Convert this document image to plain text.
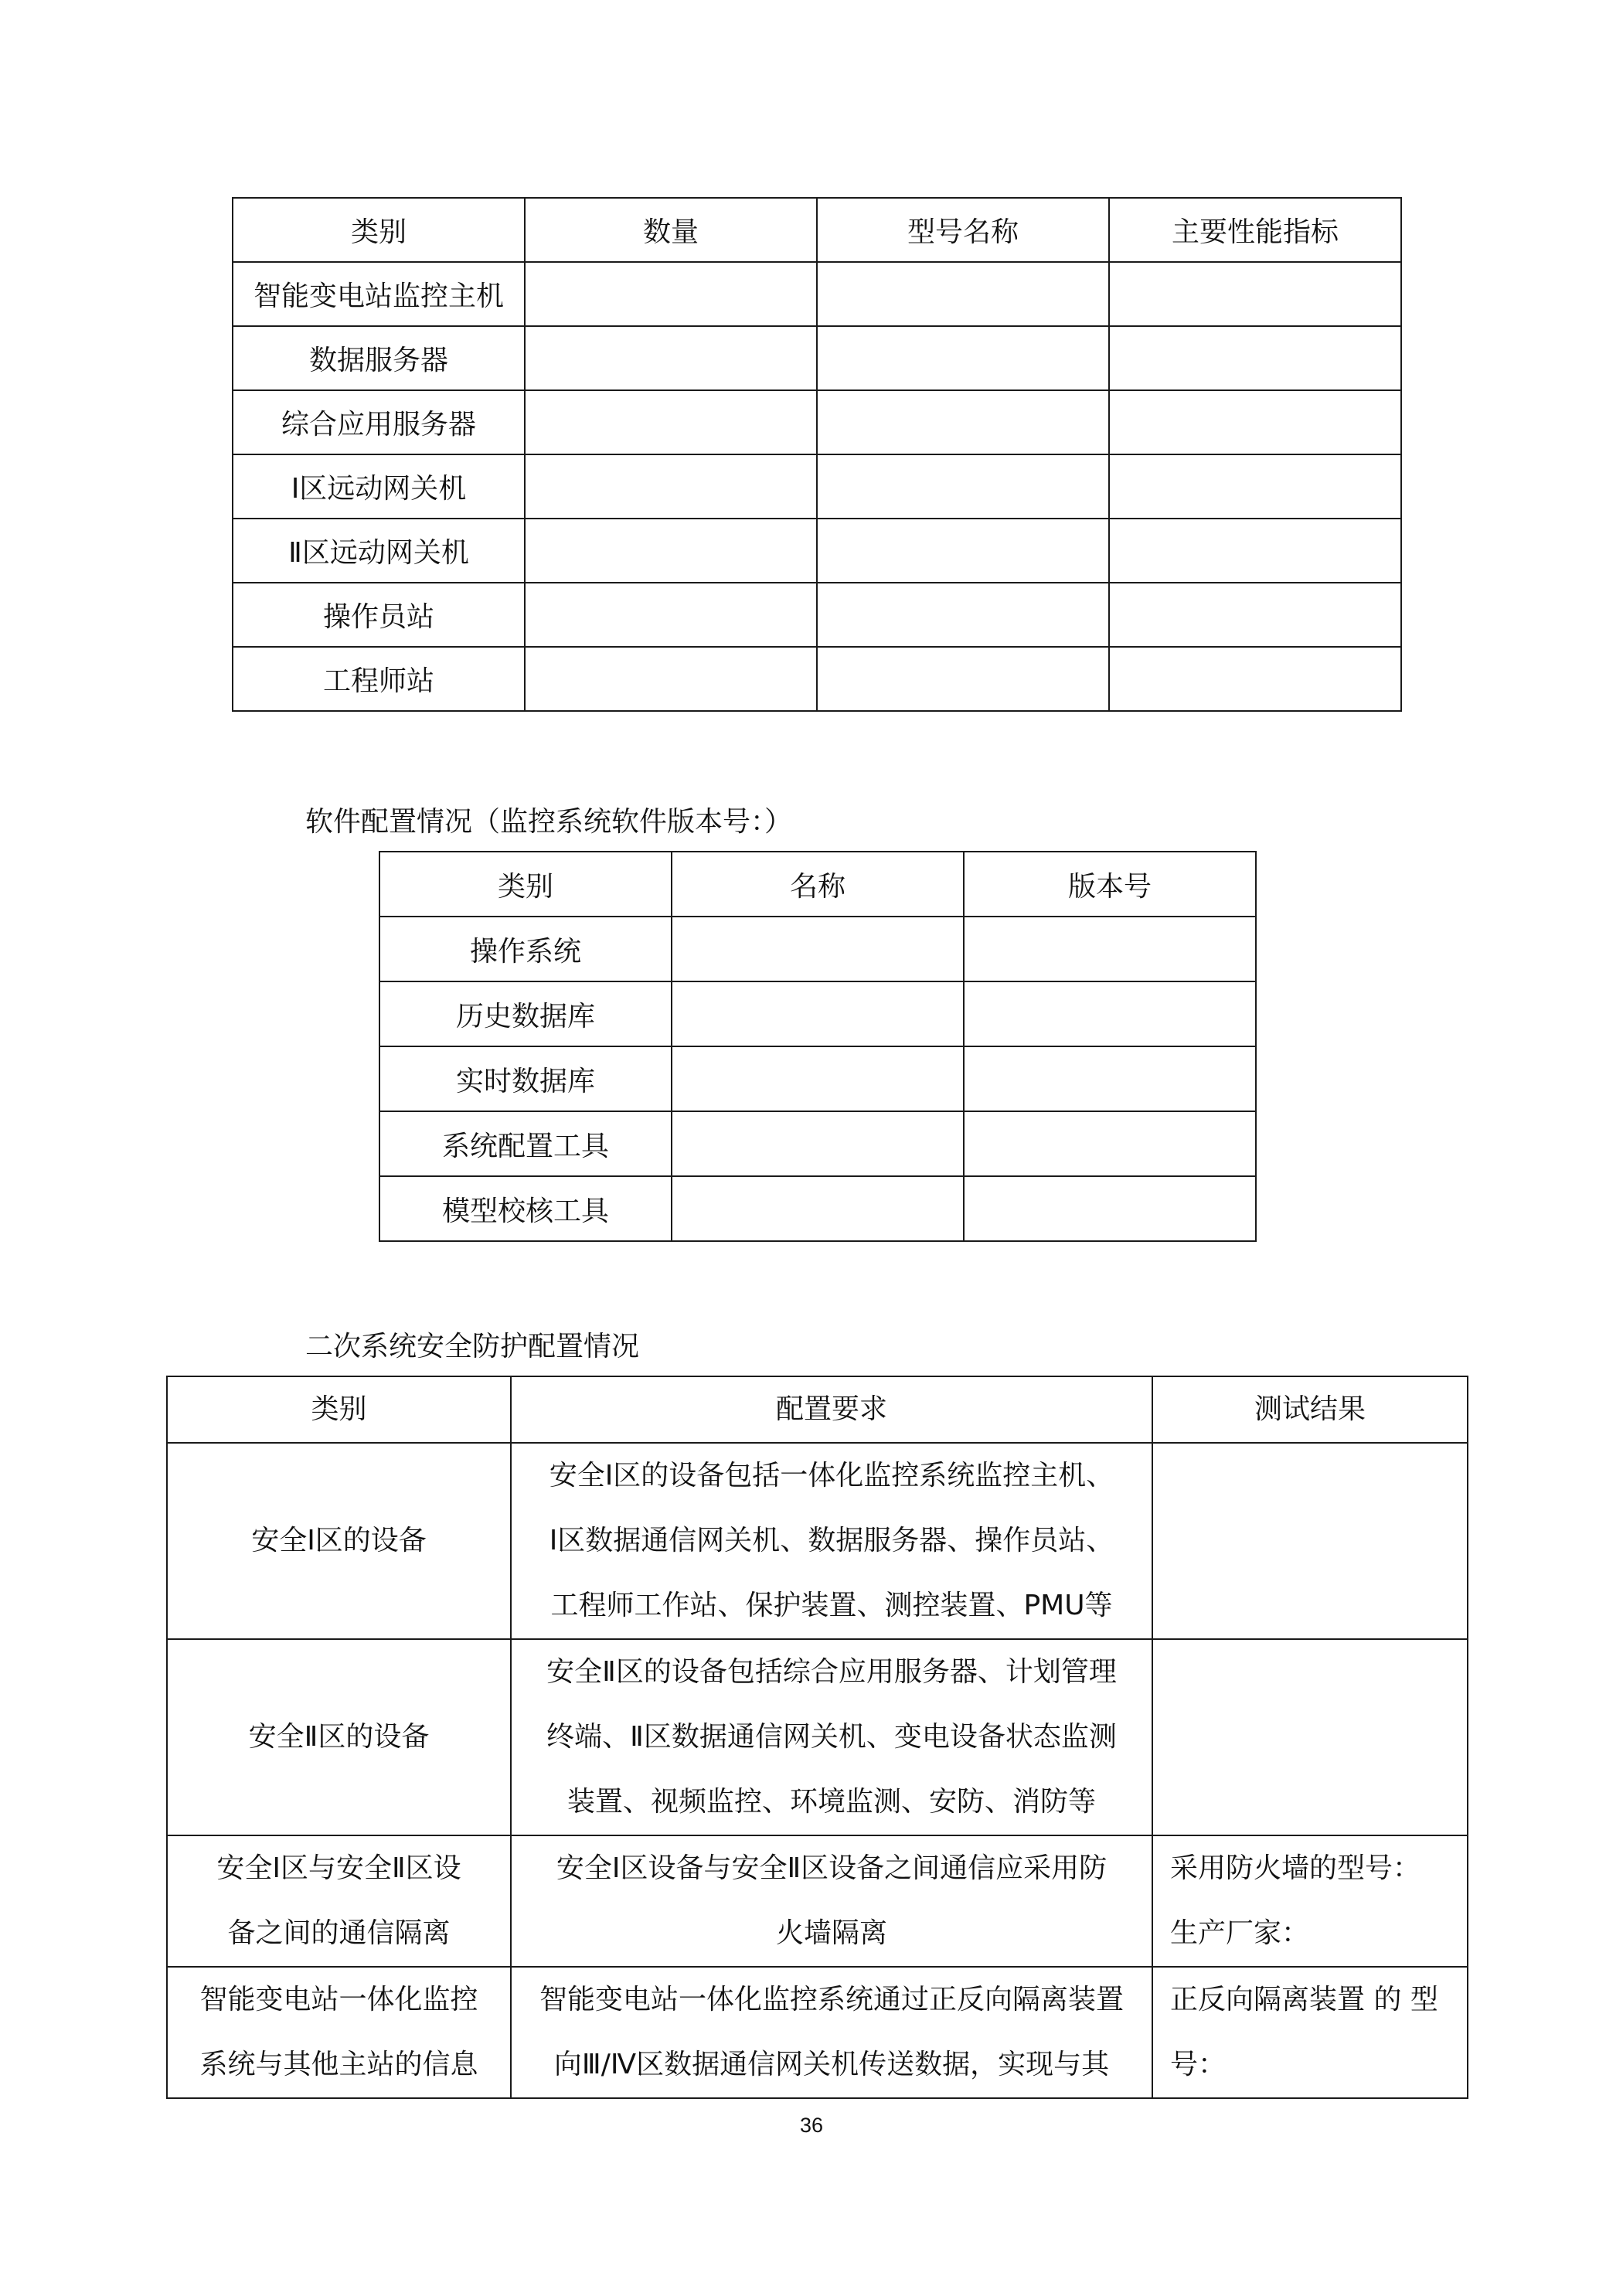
类别	数量	型号名称	主要性能指标
智能变电站监控主机			
数据服务器			
综合应用服务器			
Ⅰ区远动网关机			
Ⅱ区远动网关机			
操作员站			
工程师站			
软件配置情况（监控系统软件版本号：）
类别	名称	版本号
操作系统		
历史数据库		
实时数据库		
系统配置工具		
模型校核工具		
二次系统安全防护配置情况
类别	配置要求	测试结果

安全Ⅰ区的设备	安全Ⅰ区的设备包括一体化监控系统监控主机、
Ⅰ区数据通信网关机、数据服务器、操作员站、
工程师工作站、保护装置、测控装置、PMU等	

安全Ⅱ区的设备	安全Ⅱ区的设备包括综合应用服务器、计划管理
终端、Ⅱ区数据通信网关机、变电设备状态监测
装置、视频监控、环境监测、安防、消防等	

安全Ⅰ区与安全Ⅱ区设
备之间的通信隔离	安全Ⅰ区设备与安全Ⅱ区设备之间通信应采用防
火墙隔离	采用防火墙的型号：
生产厂家：

智能变电站一体化监控
系统与其他主站的信息	智能变电站一体化监控系统通过正反向隔离装置
向Ⅲ/Ⅳ区数据通信网关机传送数据，实现与其	正反向隔离装置 的 型
号：
36
